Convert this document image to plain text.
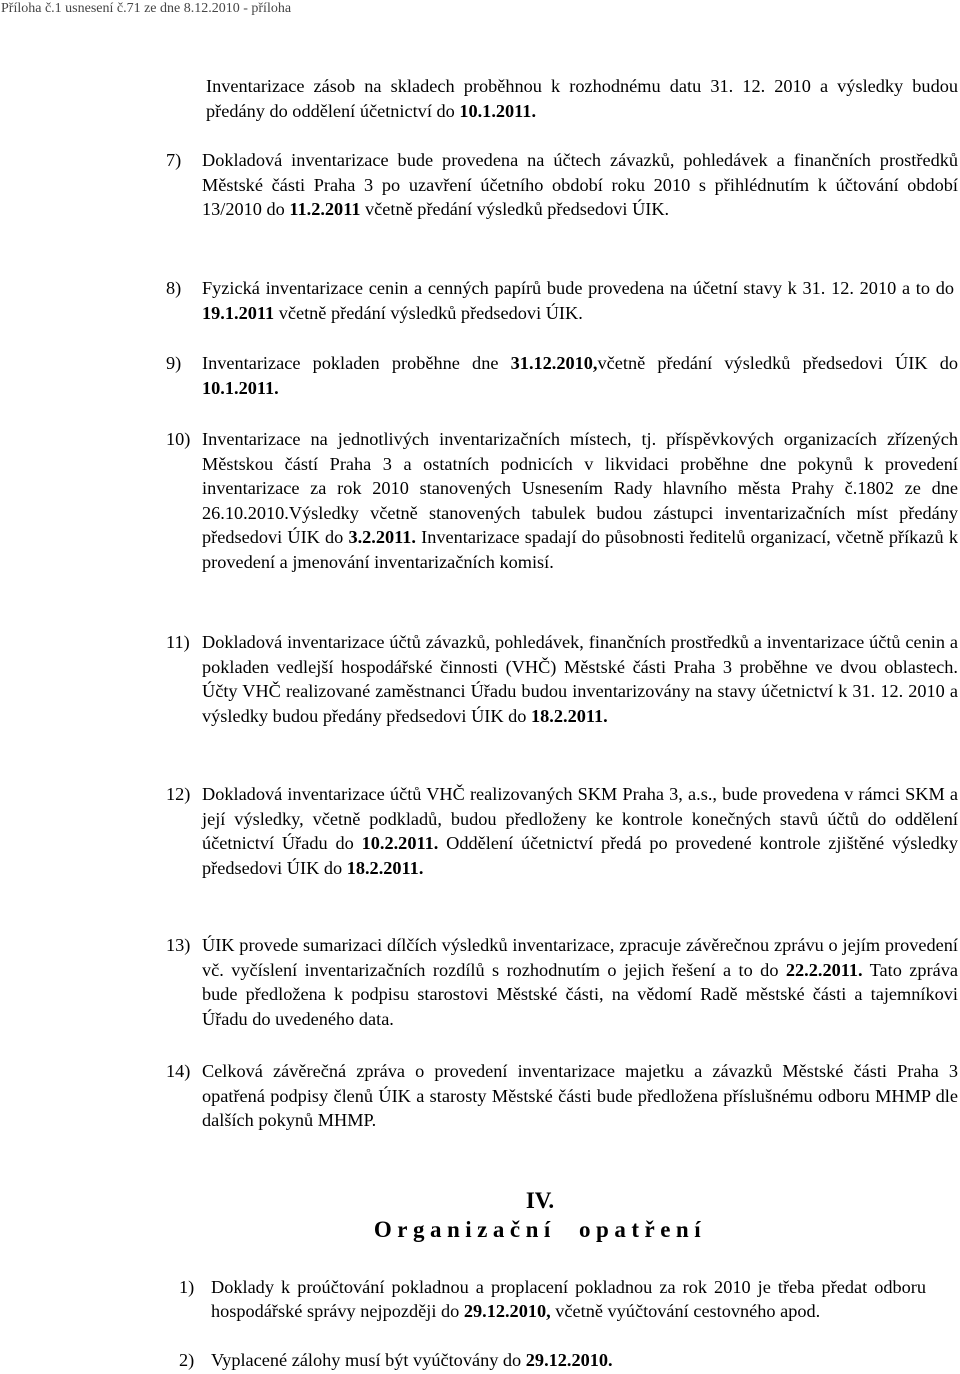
Příloha č.1 usnesení č.71 ze dne 8.12.2010 - příloha
Inventarizace zásob na skladech proběhnou k rozhodnému datu 31. 12. 2010 a výsledky budou předány do oddělení účetnictví do 10.1.2011.
7) Dokladová inventarizace bude provedena na účtech závazků, pohledávek a finančních prostředků Městské části Praha 3 po uzavření účetního období roku 2010 s přihlédnutím k účtování období 13/2010 do 11.2.2011 včetně předání výsledků předsedovi ÚIK.
8) Fyzická inventarizace cenin a cenných papírů bude provedena na účetní stavy k 31. 12. 2010 a to do 19.1.2011 včetně předání výsledků předsedovi ÚIK.
9) Inventarizace pokladen proběhne dne 31.12.2010,včetně předání výsledků předsedovi ÚIK do 10.1.2011.
10) Inventarizace na jednotlivých inventarizačních místech, tj. příspěvkových organizacích zřízených Městskou částí Praha 3 a ostatních podnicích v likvidaci proběhne dne pokynů k provedení inventarizace za rok 2010 stanovených Usnesením Rady hlavního města Prahy č.1802 ze dne 26.10.2010.Výsledky včetně stanovených tabulek budou zástupci inventarizačních míst předány předsedovi ÚIK do 3.2.2011. Inventarizace spadají do působnosti ředitelů organizací, včetně příkazů k provedení a jmenování inventarizačních komisí.
11) Dokladová inventarizace účtů závazků, pohledávek, finančních prostředků a inventarizace účtů cenin a pokladen vedlejší hospodářské činnosti (VHČ) Městské části Praha 3 proběhne ve dvou oblastech. Účty VHČ realizované zaměstnanci Úřadu budou inventarizovány na stavy účetnictví k 31. 12. 2010 a výsledky budou předány předsedovi ÚIK do 18.2.2011.
12) Dokladová inventarizace účtů VHČ realizovaných SKM Praha 3, a.s., bude provedena v rámci SKM a její výsledky, včetně podkladů, budou předloženy ke kontrole konečných stavů účtů do oddělení účetnictví Úřadu do 10.2.2011. Oddělení účetnictví předá po provedené kontrole zjištěné výsledky předsedovi ÚIK do 18.2.2011.
13) ÚIK provede sumarizaci dílčích výsledků inventarizace, zpracuje závěrečnou zprávu o jejím provedení vč. vyčíslení inventarizačních rozdílů s rozhodnutím o jejich řešení a to do 22.2.2011. Tato zpráva bude předložena k podpisu starostovi Městské části, na vědomí Radě městské části a tajemníkovi Úřadu do uvedeného data.
14) Celková závěrečná zpráva o provedení inventarizace majetku a závazků Městské části Praha 3 opatřená podpisy členů ÚIK a starosty Městské části bude předložena příslušnému odboru MHMP dle dalších pokynů MHMP.
IV.
Organizační opatření
1) Doklady k proúčtování pokladnou a proplacení pokladnou za rok 2010 je třeba předat odboru hospodářské správy nejpozději do 29.12.2010, včetně vyúčtování cestovného apod.
2) Vyplacené zálohy musí být vyúčtovány do 29.12.2010.
